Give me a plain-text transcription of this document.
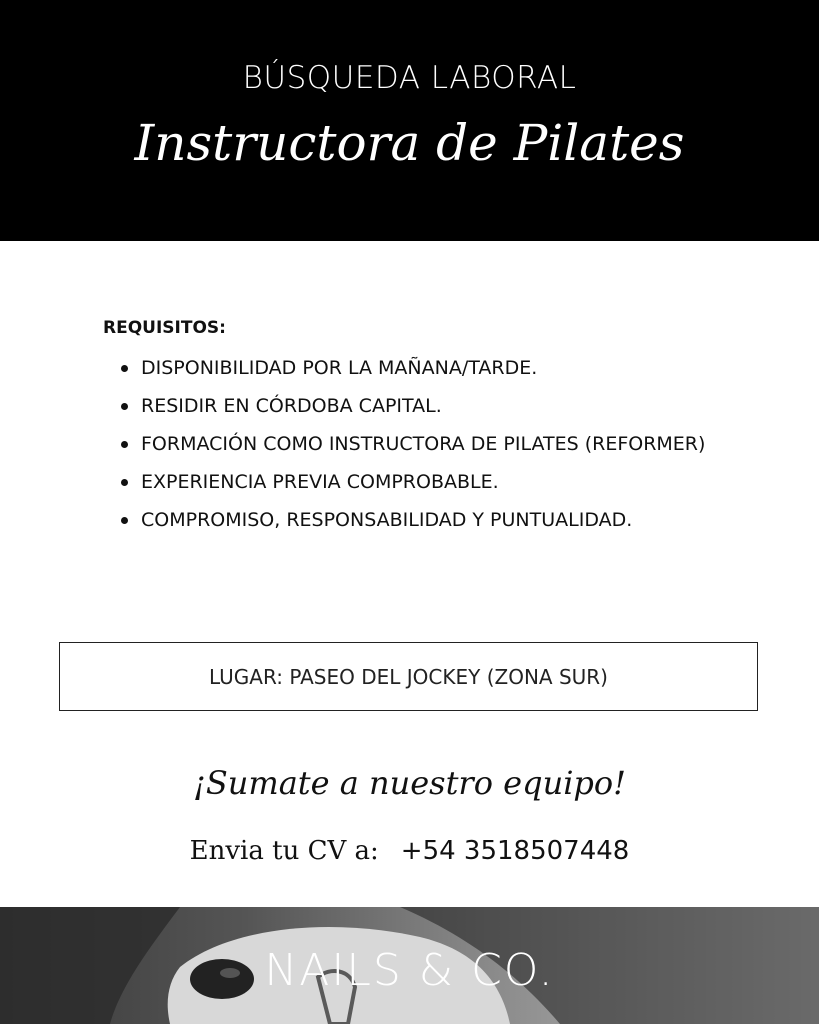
BÚSQUEDA LABORAL
Instructora de Pilates
REQUISITOS:
DISPONIBILIDAD POR LA MAÑANA/TARDE.
RESIDIR EN CÓRDOBA CAPITAL.
FORMACIÓN COMO INSTRUCTORA DE PILATES (REFORMER)
EXPERIENCIA PREVIA COMPROBABLE.
COMPROMISO, RESPONSABILIDAD Y PUNTUALIDAD.
LUGAR: PASEO DEL JOCKEY (ZONA SUR)
¡Sumate a nuestro equipo!
Envia tu CV a: +54 3518507448
NAILS & CO.
